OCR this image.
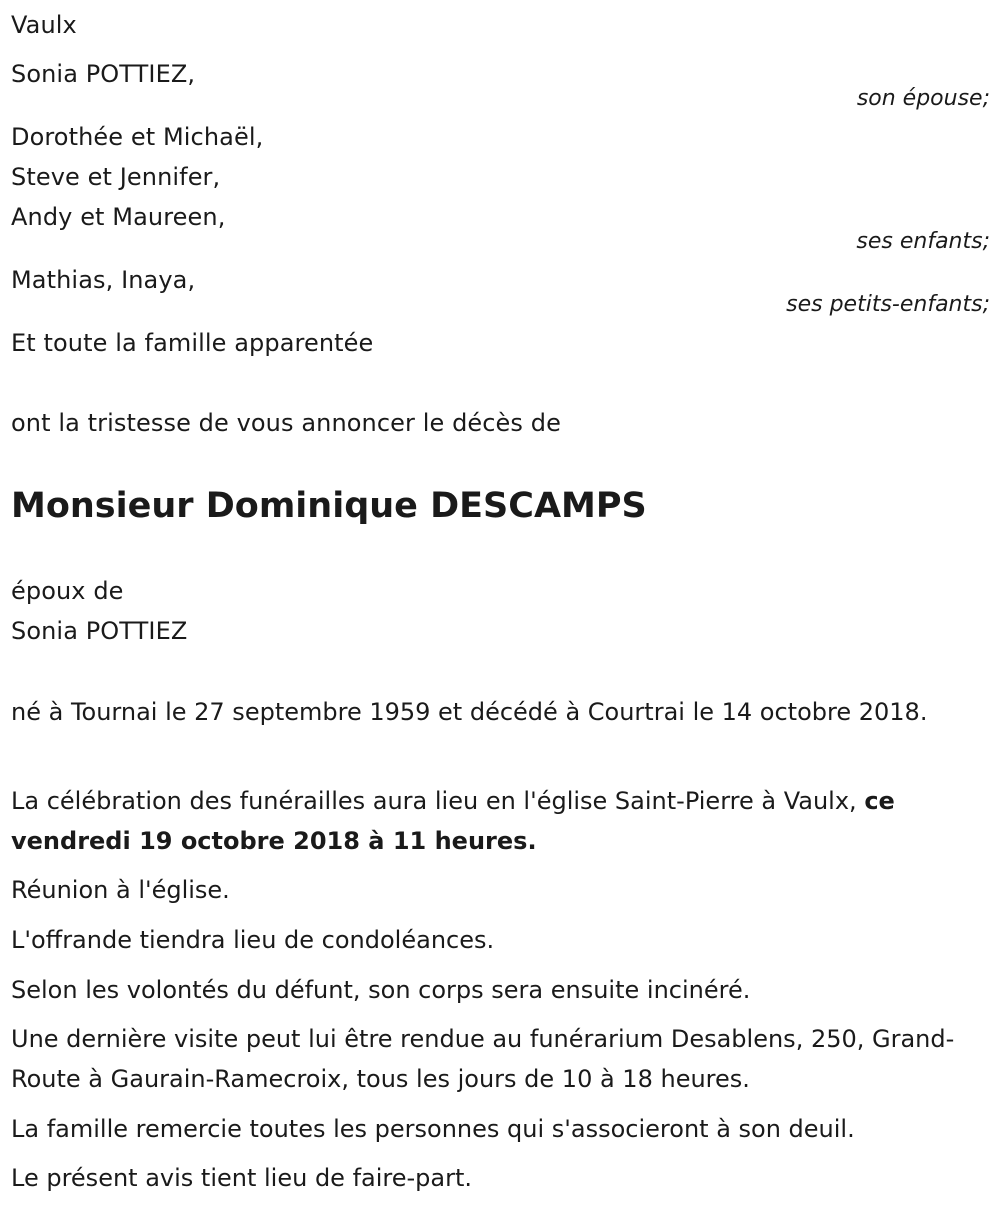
Vaulx
Sonia POTTIEZ,
son épouse;
Dorothée et Michaël,
Steve et Jennifer,
Andy et Maureen,
ses enfants;
Mathias, Inaya,
ses petits-enfants;
Et toute la famille apparentée
ont la tristesse de vous annoncer le décès de
Monsieur Dominique DESCAMPS
époux de
Sonia POTTIEZ
né à Tournai le 27 septembre 1959 et décédé à Courtrai le 14 octobre 2018.
La célébration des funérailles aura lieu en l'église Saint-Pierre à Vaulx, ce vendredi 19 octobre 2018 à 11 heures.
Réunion à l'église.
L'offrande tiendra lieu de condoléances.
Selon les volontés du défunt, son corps sera ensuite incinéré.
Une dernière visite peut lui être rendue au funérarium Desablens, 250, Grand-Route à Gaurain-Ramecroix, tous les jours de 10 à 18 heures.
La famille remercie toutes les personnes qui s'associeront à son deuil.
Le présent avis tient lieu de faire-part.
